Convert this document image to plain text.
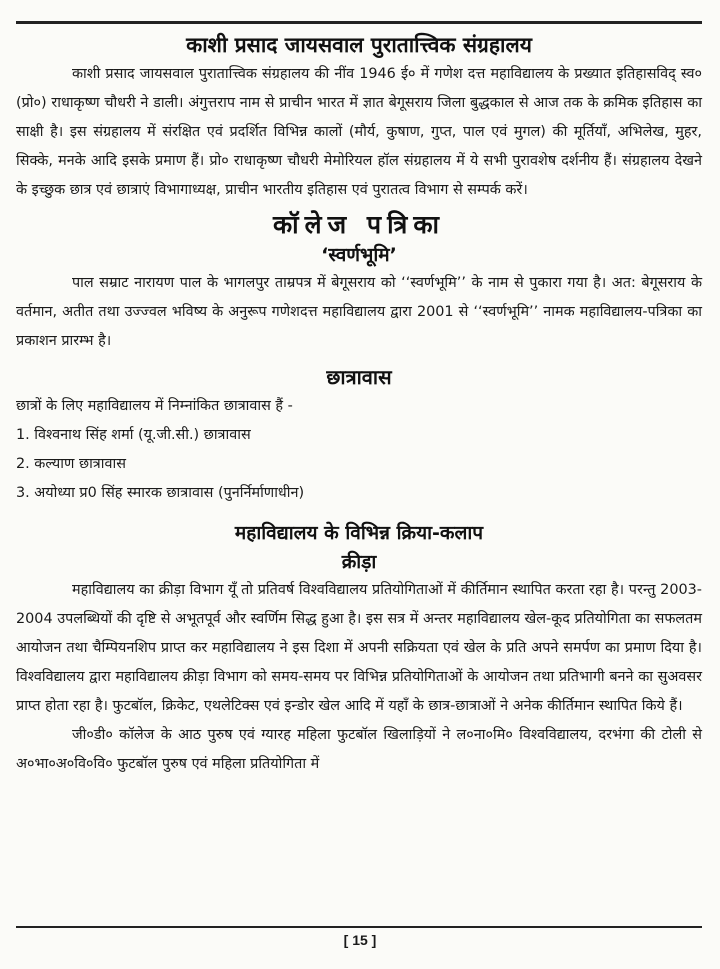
काशी प्रसाद जायसवाल पुरातात्त्विक संग्रहालय

काशी प्रसाद जायसवाल पुरातात्त्विक संग्रहालय की नींव 1946 ई० में गणेश दत्त महाविद्यालय के प्रख्यात इतिहासविद् स्व० (प्रो०) राधाकृष्ण चौधरी ने डाली। अंगुत्तराप नाम से प्राचीन भारत में ज्ञात बेगूसराय जिला बुद्धकाल से आज तक के क्रमिक इतिहास का साक्षी है। इस संग्रहालय में संरक्षित एवं प्रदर्शित विभिन्न कालों (मौर्य, कुषाण, गुप्त, पाल एवं मुगल) की मूर्तियाँ, अभिलेख, मुहर, सिक्के, मनके आदि इसके प्रमाण हैं। प्रो० राधाकृष्ण चौधरी मेमोरियल हॉल संग्रहालय में ये सभी पुरावशेष दर्शनीय हैं। संग्रहालय देखने के इच्छुक छात्र एवं छात्राएं विभागाध्यक्ष, प्राचीन भारतीय इतिहास एवं पुरातत्व विभाग से सम्पर्क करें।

कॉलेज पत्रिका
‘स्वर्णभूमि’

पाल सम्राट नारायण पाल के भागलपुर ताम्रपत्र में बेगूसराय को ‘‘स्वर्णभूमि’’ के नाम से पुकारा गया है। अत: बेगूसराय के वर्तमान, अतीत तथा उज्ज्वल भविष्य के अनुरूप गणेशदत्त महाविद्यालय द्वारा 2001 से ‘‘स्वर्णभूमि’’ नामक महाविद्यालय-पत्रिका का प्रकाशन प्रारम्भ है।

छात्रावास
छात्रों के लिए महाविद्यालय में निम्नांकित छात्रावास हैं -
1. विश्वनाथ सिंह शर्मा (यू.जी.सी.) छात्रावास
2. कल्याण छात्रावास
3. अयोध्या प्र0 सिंह स्मारक छात्रावास (पुनर्निर्माणाधीन)
महाविद्यालय के विभिन्न क्रिया-कलाप
क्रीड़ा

महाविद्यालय का क्रीड़ा विभाग यूँ तो प्रतिवर्ष विश्वविद्यालय प्रतियोगिताओं में कीर्तिमान स्थापित करता रहा है। परन्तु 2003-2004 उपलब्धियों की दृष्टि से अभूतपूर्व और स्वर्णिम सिद्ध हुआ है। इस सत्र में अन्तर महाविद्यालय खेल-कूद प्रतियोगिता का सफलतम आयोजन तथा चैम्पियनशिप प्राप्त कर महाविद्यालय ने इस दिशा में अपनी सक्रियता एवं खेल के प्रति अपने समर्पण का प्रमाण दिया है। विश्वविद्यालय द्वारा महाविद्यालय क्रीड़ा विभाग को समय-समय पर विभिन्न प्रतियोगिताओं के आयोजन तथा प्रतिभागी बनने का सुअवसर प्राप्त होता रहा है। फुटबॉल, क्रिकेट, एथलेटिक्स एवं इन्डोर खेल आदि में यहाँ के छात्र-छात्राओं ने अनेक कीर्तिमान स्थापित किये हैं।

जी०डी० कॉलेज के आठ पुरुष एवं ग्यारह महिला फुटबॉल खिलाड़ियों ने ल०ना०मि० विश्वविद्यालय, दरभंगा की टोली से अ०भा०अ०वि०वि० फुटबॉल पुरुष एवं महिला प्रतियोगिता में

[ 15 ]
